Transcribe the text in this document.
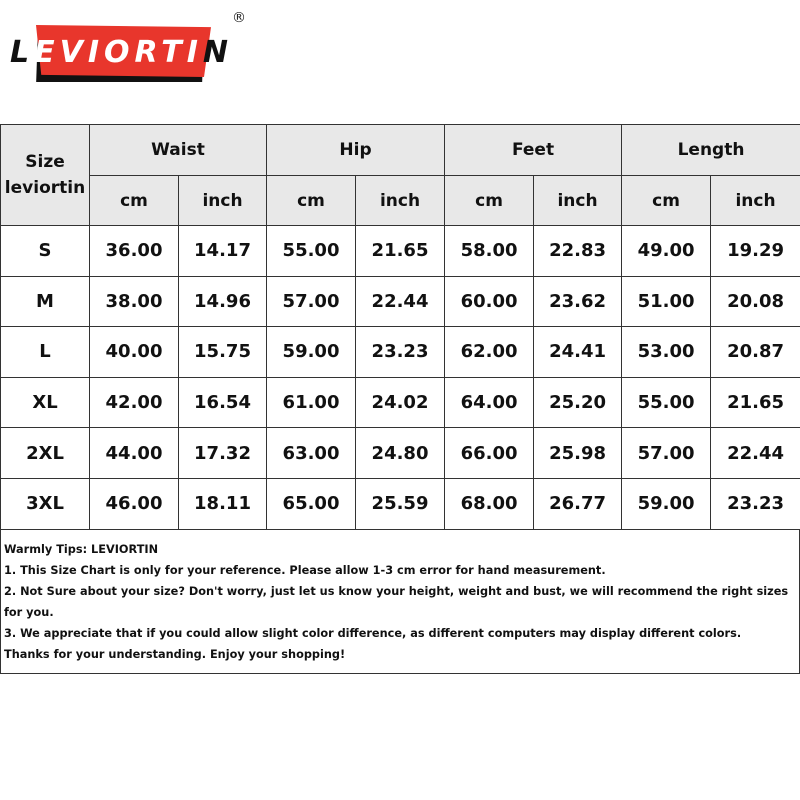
L EVIORTI N
®
Size
leviortin	Waist		Hip		Feet		Length	
	cm	inch	cm	inch	cm	inch	cm	inch
S	36.00	14.17	55.00	21.65	58.00	22.83	49.00	19.29
M	38.00	14.96	57.00	22.44	60.00	23.62	51.00	20.08
L	40.00	15.75	59.00	23.23	62.00	24.41	53.00	20.87
XL	42.00	16.54	61.00	24.02	64.00	25.20	55.00	21.65
2XL	44.00	17.32	63.00	24.80	66.00	25.98	57.00	22.44
3XL	46.00	18.11	65.00	25.59	68.00	26.77	59.00	23.23

Warmly Tips: LEVIORTIN

1. This Size Chart is only for your reference. Please allow 1-3 cm error for hand measurement.

2. Not Sure about your size? Don't worry, just let us know your height, weight and bust, we will recommend the right sizes

for you.

3. We appreciate that if you could allow slight color difference, as different computers may display different colors.

Thanks for your understanding. Enjoy your shopping!
